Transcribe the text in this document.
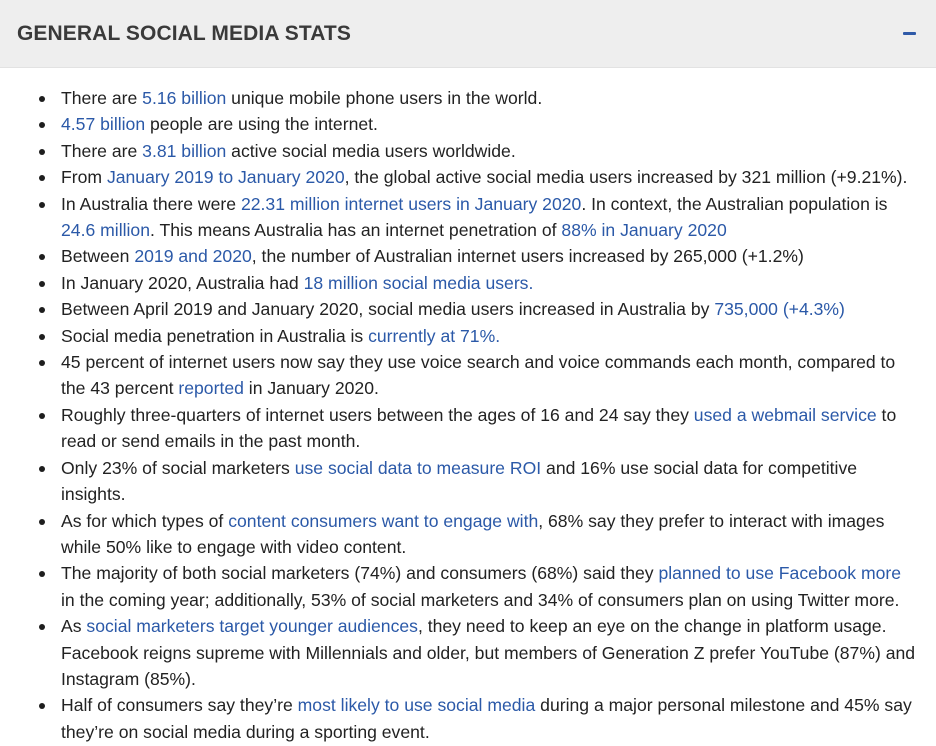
GENERAL SOCIAL MEDIA STATS
There are 5.16 billion unique mobile phone users in the world.
4.57 billion people are using the internet.
There are 3.81 billion active social media users worldwide.
From January 2019 to January 2020, the global active social media users increased by 321 million (+9.21%).
In Australia there were 22.31 million internet users in January 2020. In context, the Australian population is 24.6 million. This means Australia has an internet penetration of 88% in January 2020
Between 2019 and 2020, the number of Australian internet users increased by 265,000 (+1.2%)
In January 2020, Australia had 18 million social media users.
Between April 2019 and January 2020, social media users increased in Australia by 735,000 (+4.3%)
Social media penetration in Australia is currently at 71%.
45 percent of internet users now say they use voice search and voice commands each month, compared to the 43 percent reported in January 2020.
Roughly three-quarters of internet users between the ages of 16 and 24 say they used a webmail service to read or send emails in the past month.
Only 23% of social marketers use social data to measure ROI and 16% use social data for competitive insights.
As for which types of content consumers want to engage with, 68% say they prefer to interact with images while 50% like to engage with video content.
The majority of both social marketers (74%) and consumers (68%) said they planned to use Facebook more in the coming year; additionally, 53% of social marketers and 34% of consumers plan on using Twitter more.
As social marketers target younger audiences, they need to keep an eye on the change in platform usage. Facebook reigns supreme with Millennials and older, but members of Generation Z prefer YouTube (87%) and Instagram (85%).
Half of consumers say they’re most likely to use social media during a major personal milestone and 45% say they’re on social media during a sporting event.
